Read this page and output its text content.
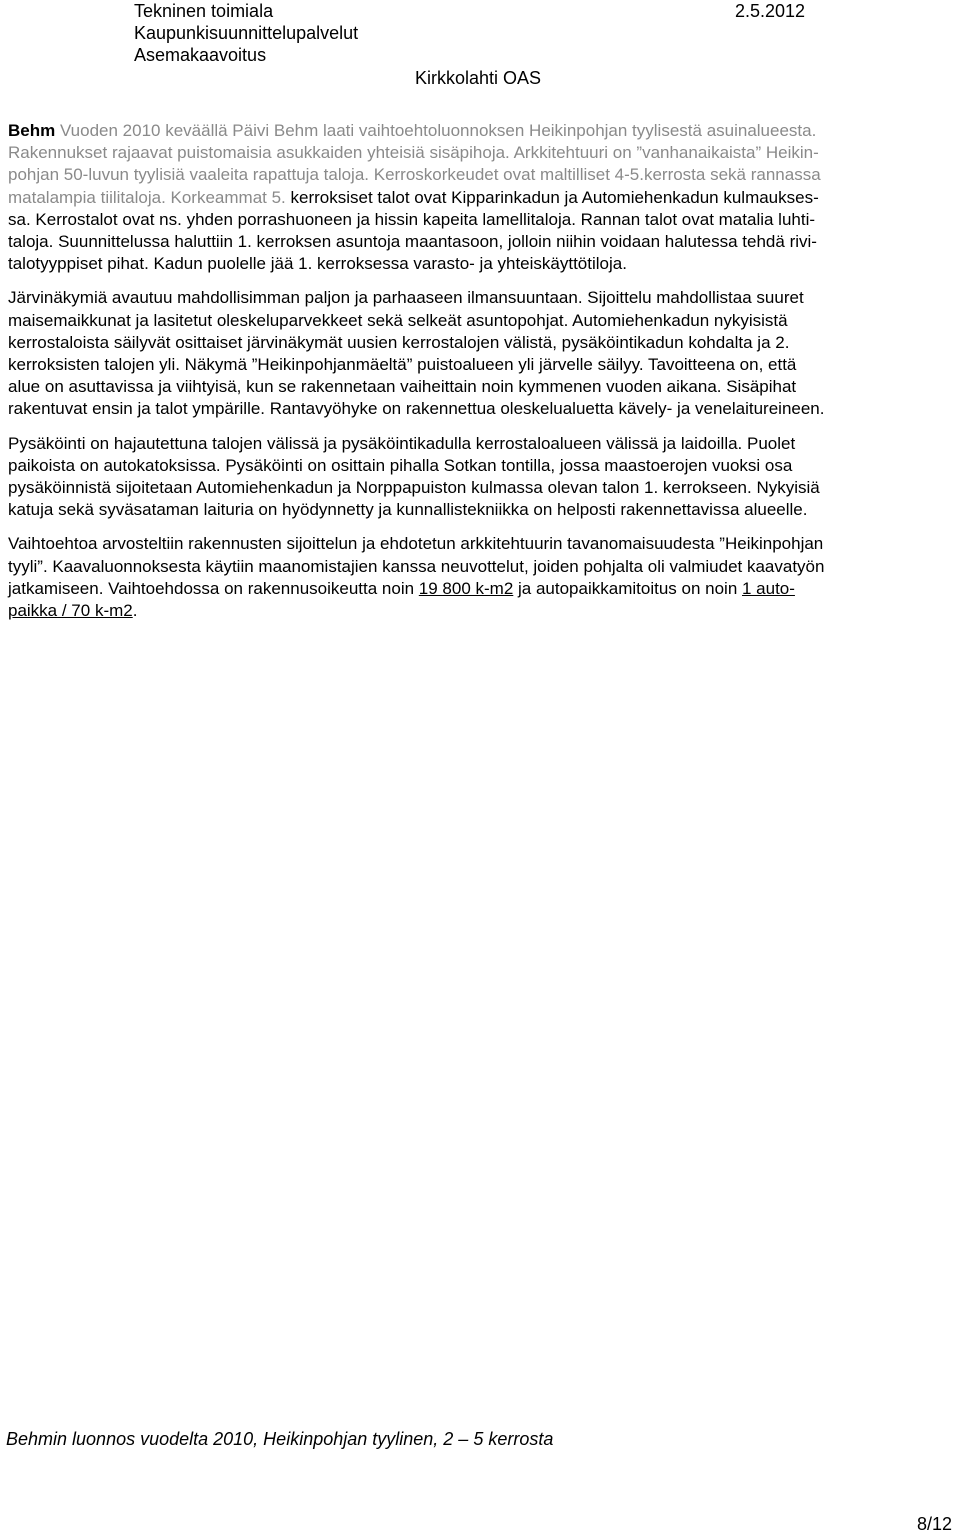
Tekninen toimiala	2.5.2012
Kaupunkisuunnittelupalvelut
Asemakaavoitus
Kirkkolahti OAS

Behm Vuoden 2010 keväällä Päivi Behm laati vaihtoehtoluonnoksen Heikinpohjan tyylisestä asuinalueesta.
Rakennukset rajaavat puistomaisia asukkaiden yhteisiä sisäpihoja. Arkkitehtuuri on ”vanhanaikaista” Heikin-
pohjan 50-luvun tyylisiä vaaleita rapattuja taloja. Kerroskorkeudet ovat maltilliset 4-5.kerrosta sekä rannassa
matalampia tiilitaloja. Korkeammat 5. kerroksiset talot ovat Kipparinkadun ja Automiehenkadun kulmaukses-
sa. Kerrostalot ovat ns. yhden porrashuoneen ja hissin kapeita lamellitaloja. Rannan talot ovat matalia luhti-
taloja. Suunnittelussa haluttiin 1. kerroksen asuntoja maantasoon, jolloin niihin voidaan halutessa tehdä rivi-
talotyyppiset pihat. Kadun puolelle jää 1. kerroksessa varasto- ja yhteiskäyttötiloja.

Järvinäkymiä avautuu mahdollisimman paljon ja parhaaseen ilmansuuntaan. Sijoittelu mahdollistaa suuret
maisemaikkunat ja lasitetut oleskeluparvekkeet sekä selkeät asuntopohjat. Automiehenkadun nykyisistä
kerrostaloista säilyvät osittaiset järvinäkymät uusien kerrostalojen välistä, pysäköintikadun kohdalta ja 2.
kerroksisten talojen yli. Näkymä ”Heikinpohjanmäeltä” puistoalueen yli järvelle säilyy. Tavoitteena on, että
alue on asuttavissa ja viihtyisä, kun se rakennetaan vaiheittain noin kymmenen vuoden aikana. Sisäpihat
rakentuvat ensin ja talot ympärille. Rantavyöhyke on rakennettua oleskelualuetta kävely- ja venelaitureineen.

Pysäköinti on hajautettuna talojen välissä ja pysäköintikadulla kerrostaloalueen välissä ja laidoilla. Puolet
paikoista on autokatoksissa. Pysäköinti on osittain pihalla Sotkan tontilla, jossa maastoerojen vuoksi osa
pysäköinnistä sijoitetaan Automiehenkadun ja Norppapuiston kulmassa olevan talon 1. kerrokseen. Nykyisiä
katuja sekä syväsataman laituria on hyödynnetty ja kunnallistekniikka on helposti rakennettavissa alueelle.

Vaihtoehtoa arvosteltiin rakennusten sijoittelun ja ehdotetun arkkitehtuurin tavanomaisuudesta ”Heikinpohjan
tyyli”. Kaavaluonnoksesta käytiin maanomistajien kanssa neuvottelut, joiden pohjalta oli valmiudet kaavatyön
jatkamiseen. Vaihtoehdossa on rakennusoikeutta noin 19 800 k-m2 ja autopaikkamitoitus on noin 1 auto-
paikka / 70 k-m2.

Behmin luonnos vuodelta 2010, Heikinpohjan tyylinen, 2 – 5 kerrosta
8/12
